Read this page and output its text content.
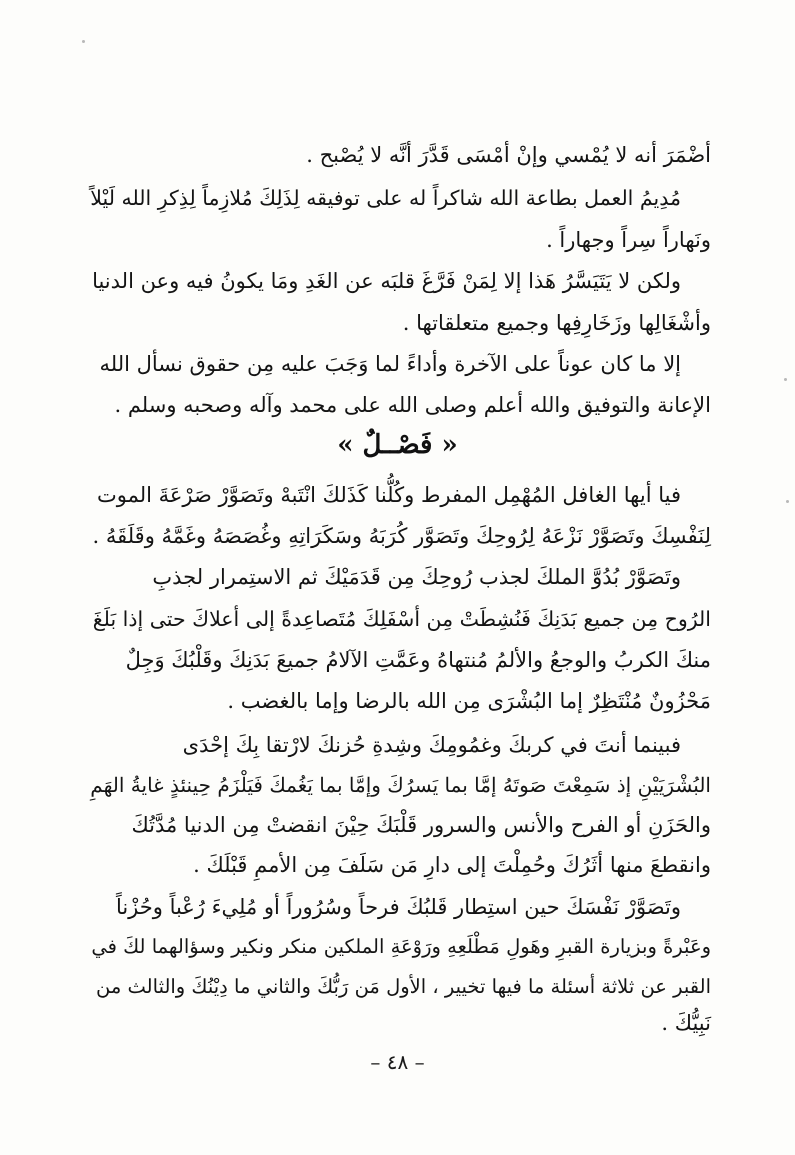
أضْمَرَ أنه لا يُمْسي وإنْ أمْسَى قَدَّرَ أنَّه لا يُصْبح .
مُدِيمُ العمل بطاعة الله شاكراً له على توفيقه لِذَلِكَ مُلازِماً لِذِكرِ الله لَيْلاً
ونَهاراً سِراً وجهاراً .
ولكن لا يَتَيَسَّرُ هَذا إلا لِمَنْ فَرَّغَ قلبَه عن الغَدِ ومَا يكونُ فيه وعن الدنيا
وأشْغَالِها وزَخَارِفِها وجميع متعلقاتها .
إلا ما كان عوناً على الآخرة وأداءً لما وَجَبَ عليه مِن حقوق نسأل الله
الإعانة والتوفيق والله أعلم وصلى الله على محمد وآله وصحبه وسلم .
« فَصْــلٌ »
فيا أيها الغافل المُهْمِل المفرط وكُلُّنا كَذَلكَ انْتَبهْ وتَصَوَّرْ صَرْعَةَ الموت
لِنَفْسِكَ وتَصَوَّرْ نَزْعَهُ لِرُوحِكَ وتَصَوَّر كُرَبَهُ وسَكَرَاتِهِ وغُصَصَهُ وغَمَّهُ وقَلَقَهُ .
وتَصَوَّرْ بُدُوَّ الملكَ لجذب رُوحِكَ مِن قَدَمَيْكَ ثم الاستِمرار لجذبِ
الرُوح مِن جميع بَدَنِكَ فَنُشِطَتْ مِن أسْفَلِكَ مُتَصاعِدةً إلى أعلاكَ حتى إذا بَلَغَ
منكَ الكربُ والوجعُ والألمُ مُنتهاهُ وعَمَّتِ الآلامُ جميعَ بَدَنِكَ وقَلْبُكَ وَجِلٌ
مَحْزُونٌ مُنْتَظِرٌ إما البُشْرَى مِن الله بالرضا وإما بالغضب .
فبينما أنتَ في كربكَ وغمُومِكَ وشِدةِ حُزنكَ لارْتقا بِكَ إحْدَى
البُشْرَيَيْنِ إذ سَمِعْتَ صَوتَهُ إمَّا بما يَسرُكَ وإمَّا بما يَغُمكَ فَيَلْزَمُ حِينئذٍ غايةُ الهَمِ
والحَزَنِ أو الفرح والأنس والسرور قَلْبَكَ حِيْنَ انقضتْ مِن الدنيا مُدَّتُكَ
وانقطعَ منها أثَرُكَ وحُمِلْتَ إلى دارِ مَن سَلَفَ مِن الأممِ قَبْلَكَ .
وتَصَوَّرْ نَفْسَكَ حين استِطار قَلبُكَ فرحاً وسُرُوراً أو مُلِيءَ رُعْباً وحُزْناً
وعَبْرةً وبزيارة القبرِ وهَولِ مَطْلَعِهِ ورَوْعَةِ الملكين منكر ونكير وسؤالهما لكَ في
القبر عن ثلاثة أسئلة ما فيها تخيير ، الأول مَن رَبُّكَ والثاني ما دِيْنُكَ والثالث من
نَبِيُّكَ .
– ٤٨ –
